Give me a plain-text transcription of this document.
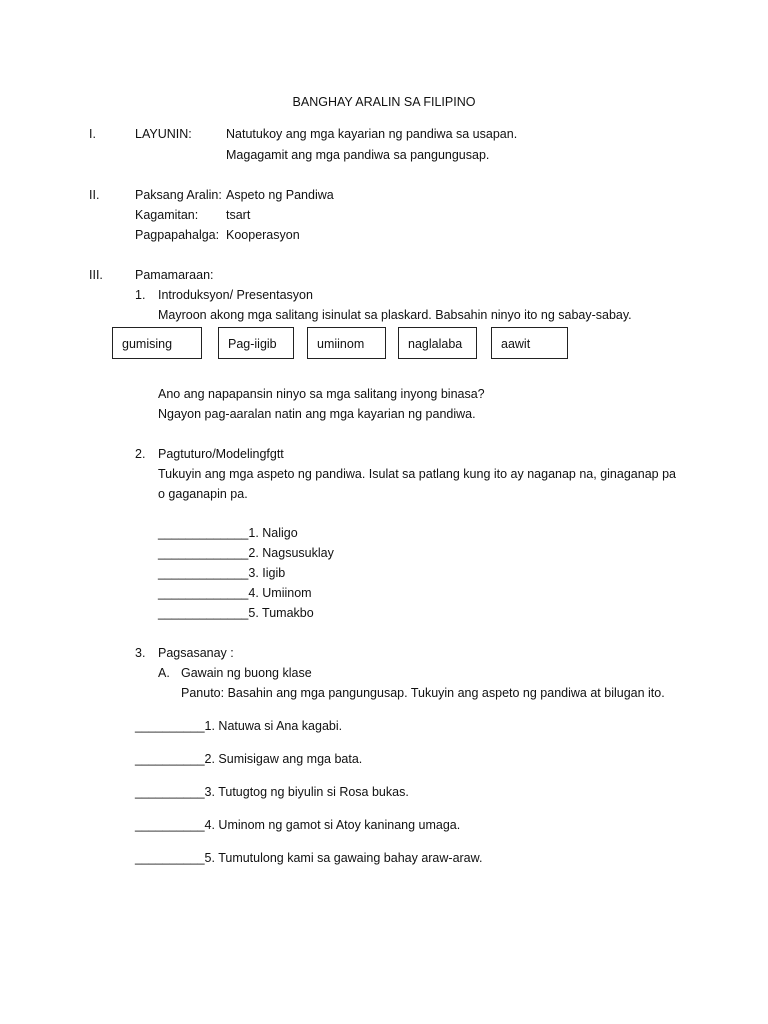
BANGHAY ARALIN SA FILIPINO
I.	LAYUNIN:	Natutukoy ang mga kayarian ng pandiwa sa usapan.
Magagamit ang mga pandiwa sa pangungusap.
II.	Paksang Aralin: Aspeto ng Pandiwa
Kagamitan: tsart
Pagpapahalga: Kooperasyon
III.	Pamamaraan:
1. Introduksyon/ Presentasyon
Mayroon akong mga salitang isinulat sa plaskard. Babsahin ninyo ito ng sabay-sabay.
gumising	Pag-iigib	umiinom	naglalaba	aawit
Ano ang napapansin ninyo sa mga salitang inyong binasa?
Ngayon pag-aaralan natin ang mga kayarian ng pandiwa.
2. Pagtuturo/Modelingfgtt
Tukuyin ang mga aspeto ng pandiwa. Isulat sa patlang kung ito ay naganap na, ginaganap pa
o gaganapin pa.
_____________1. Naligo
_____________2. Nagsusuklay
_____________3. Iigib
_____________4. Umiinom
_____________5. Tumakbo
3. Pagsasanay :
A. Gawain ng buong klase
Panuto: Basahin ang mga pangungusap. Tukuyin ang aspeto ng pandiwa at bilugan ito.
__________1. Natuwa si Ana kagabi.
__________2. Sumisigaw ang mga bata.
__________3. Tutugtog ng biyulin si Rosa bukas.
__________4. Uminom ng gamot si Atoy kaninang umaga.
__________5. Tumutulong kami sa gawaing bahay araw-araw.
